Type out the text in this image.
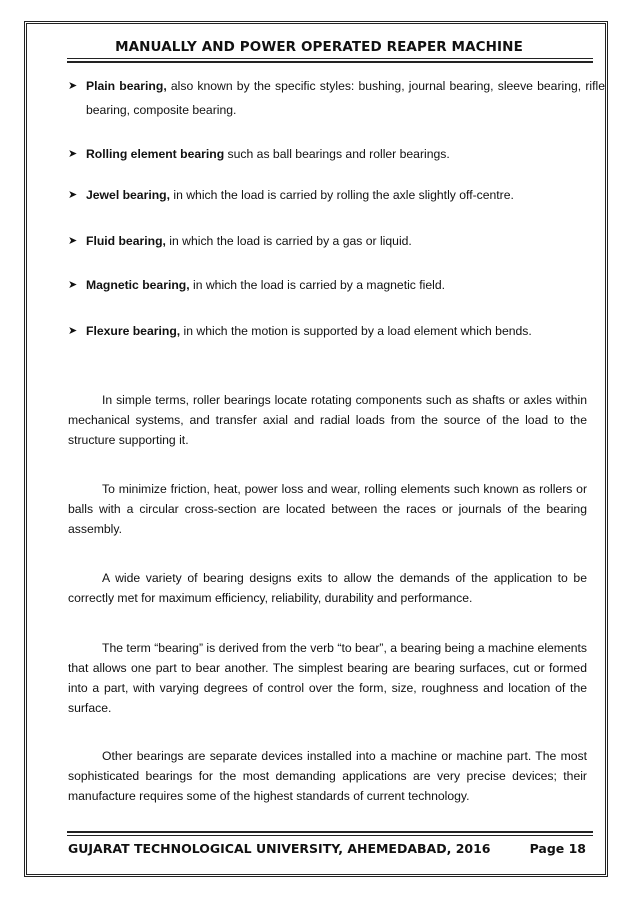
MANUALLY AND POWER OPERATED REAPER MACHINE
➤ Plain bearing, also known by the specific styles: bushing, journal bearing, sleeve bearing, rifle bearing, composite bearing.
➤ Rolling element bearing such as ball bearings and roller bearings.
➤ Jewel bearing, in which the load is carried by rolling the axle slightly off-centre.
➤ Fluid bearing, in which the load is carried by a gas or liquid.
➤ Magnetic bearing, in which the load is carried by a magnetic field.
➤ Flexure bearing, in which the motion is supported by a load element which bends.

In simple terms, roller bearings locate rotating components such as shafts or axles within mechanical systems, and transfer axial and radial loads from the source of the load to the structure supporting it.

To minimize friction, heat, power loss and wear, rolling elements such known as rollers or balls with a circular cross-section are located between the races or journals of the bearing assembly.

A wide variety of bearing designs exits to allow the demands of the application to be correctly met for maximum efficiency, reliability, durability and performance.

The term “bearing” is derived from the verb “to bear”, a bearing being a machine elements that allows one part to bear another. The simplest bearing are bearing surfaces, cut or formed into a part, with varying degrees of control over the form, size, roughness and location of the surface.

Other bearings are separate devices installed into a machine or machine part. The most sophisticated bearings for the most demanding applications are very precise devices; their manufacture requires some of the highest standards of current technology.

GUJARAT TECHNOLOGICAL UNIVERSITY, AHEMEDABAD, 2016	Page 18
